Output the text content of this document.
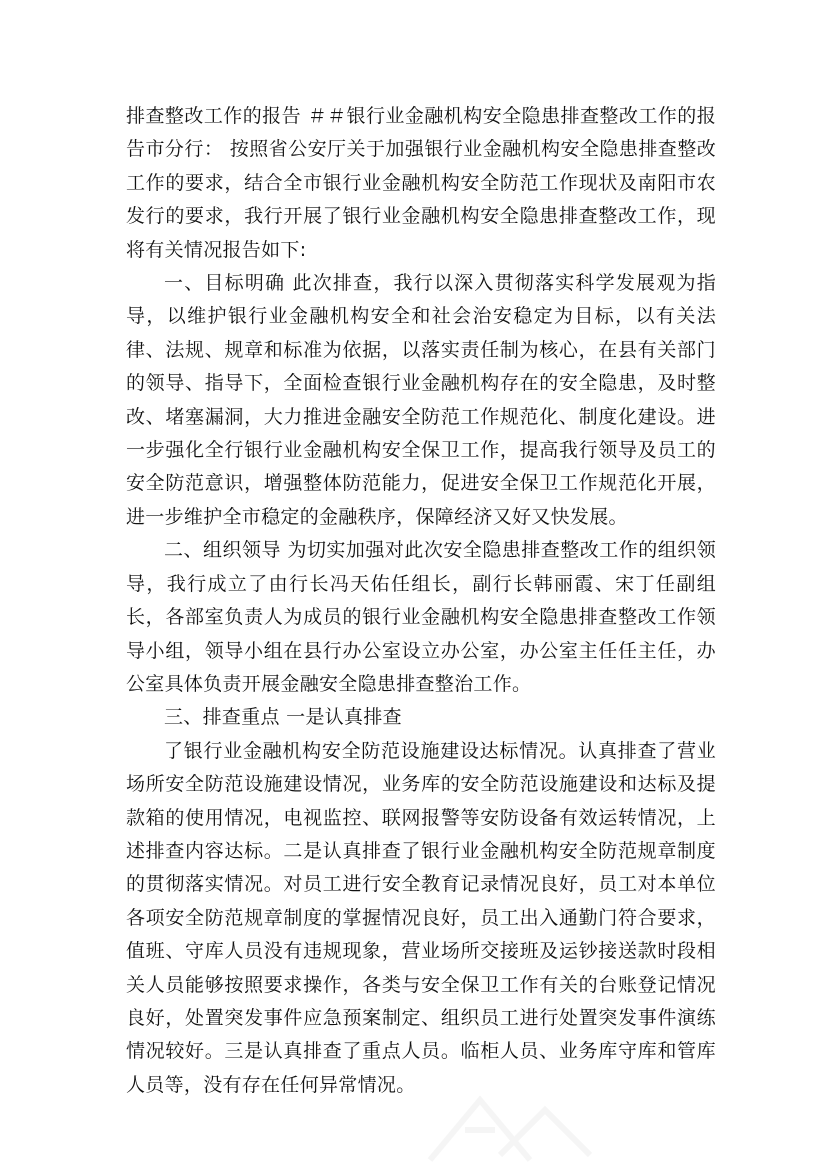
排查整改工作的报告 ＃＃银行业金融机构安全隐患排查整改工作的报告市分行： 按照省公安厅关于加强银行业金融机构安全隐患排查整改工作的要求，结合全市银行业金融机构安全防范工作现状及南阳市农发行的要求，我行开展了银行业金融机构安全隐患排查整改工作，现将有关情况报告如下:

一、目标明确 此次排查，我行以深入贯彻落实科学发展观为指导，以维护银行业金融机构安全和社会治安稳定为目标，以有关法律、法规、规章和标准为依据，以落实责任制为核心，在县有关部门的领导、指导下，全面检查银行业金融机构存在的安全隐患，及时整改、堵塞漏洞，大力推进金融安全防范工作规范化、制度化建设。进一步强化全行银行业金融机构安全保卫工作，提高我行领导及员工的安全防范意识，增强整体防范能力，促进安全保卫工作规范化开展，进一步维护全市稳定的金融秩序，保障经济又好又快发展。

二、组织领导 为切实加强对此次安全隐患排查整改工作的组织领导，我行成立了由行长冯天佑任组长，副行长韩丽霞、宋丁任副组长，各部室负责人为成员的银行业金融机构安全隐患排查整改工作领导小组，领导小组在县行办公室设立办公室，办公室主任任主任，办公室具体负责开展金融安全隐患排查整治工作。

三、排查重点 一是认真排查

了银行业金融机构安全防范设施建设达标情况。认真排查了营业场所安全防范设施建设情况，业务库的安全防范设施建设和达标及提款箱的使用情况，电视监控、联网报警等安防设备有效运转情况，上述排查内容达标。二是认真排查了银行业金融机构安全防范规章制度的贯彻落实情况。对员工进行安全教育记录情况良好，员工对本单位各项安全防范规章制度的掌握情况良好，员工出入通勤门符合要求，值班、守库人员没有违规现象，营业场所交接班及运钞接送款时段相关人员能够按照要求操作，各类与安全保卫工作有关的台账登记情况良好，处置突发事件应急预案制定、组织员工进行处置突发事件演练情况较好。三是认真排查了重点人员。临柜人员、业务库守库和管库人员等，没有存在任何异常情况。
